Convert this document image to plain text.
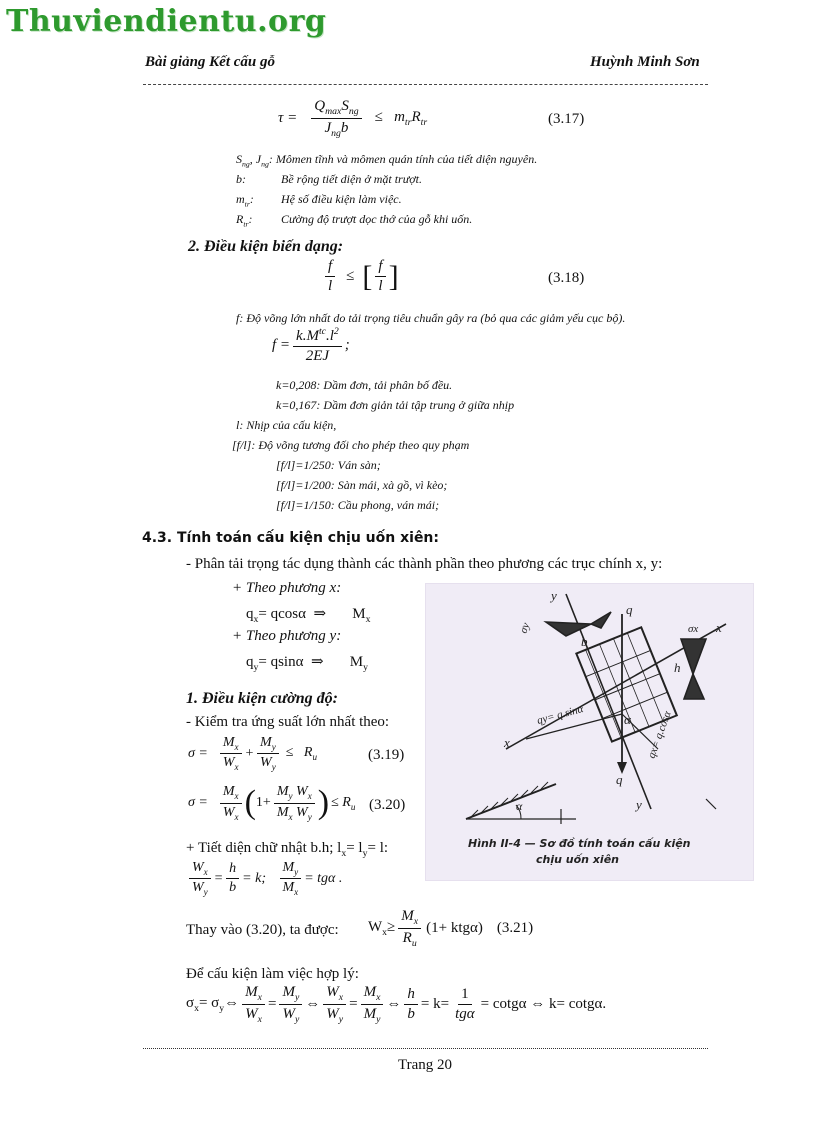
Thuviendientu.org
Bài giảng Kết cấu gỗ	Huỳnh Minh Sơn
$\tau = \frac{Q_{max}S_{ng}}{J_{ng}b} \le m_{tr}R_{tr}$	(3.17)
$S_{ng}$, $J_{ng}$: Mômen tĩnh và mômen quán tính của tiết diện nguyên.
b:	Bề rộng tiết diện ở mặt trượt.
$m_{tr}$: Hệ số điều kiện làm việc.
$R_{tr}$: Cường độ trượt dọc thớ của gỗ khi uốn.
2. Điều kiện biến dạng:
$\frac{f}{l}$ ≤ [ $\frac{f}{l}$ ]	(3.18)
f: Độ võng lớn nhất do tải trọng tiêu chuẩn gây ra (bỏ qua các giảm yếu cục bộ).
$f = \frac{k.M^{tc}.l^2}{2EJ}$ ;
k=0,208: Dầm đơn, tải phân bố đều.
k=0,167: Dầm đơn giản tải tập trung ở giữa nhịp
l: Nhịp của cấu kiện,
[f/l]: Độ võng tương đối cho phép theo quy phạm
[f/l]=1/250: Ván sàn;
[f/l]=1/200: Sàn mái, xà gồ, vì kèo;
[f/l]=1/150: Cầu phong, ván mái;
4.3. Tính toán cấu kiện chịu uốn xiên:
- Phân tải trọng tác dụng thành các thành phần theo phương các trục chính x, y:
+ Theo phương x:
$q_x= qcos\alpha$  ⇒       $M_x$
+ Theo phương y:
$q_y= qsin\alpha$  ⇒       $M_y$
1. Điều kiện cường độ:
- Kiểm tra ứng suất lớn nhất theo:
$\sigma = \frac{M_x}{W_x} + \frac{M_y}{W_y} \le R_u$	(3.19)
$\sigma = \frac{M_x}{W_x}$ ( $1+ \frac{M_y W_x}{M_x W_y}$ ) ≤ $R_u$ (3.20)
+ Tiết diện chữ nhật b.h; $l_x= l_y= l$:
$\frac{W_x}{W_y} = \frac{h}{b} = k$; $\frac{M_y}{M_x} = tg\alpha$ .
Thay vào (3.20), ta được: $W_x\ge \frac{M_x}{R_u} (1+ ktg\alpha)$ (3.21)
Để cấu kiện làm việc hợp lý:
$\sigma_x=$ $\sigma_y\Leftrightarrow \frac{M_x}{W_x} = \frac{M_y}{W_y}$ ⇔ $\frac{W_x}{W_y} = \frac{M_x}{M_y}$ ⇔ $\frac{h}{b} = k= \frac{1}{\text{tgα}} = \cot g\alpha$ ⇔ k= cotgα.
y
x
x
q
b
h
α
q
qy= q.sinα	qx= q.cosα
σx
σy
α	y
Hình II-4 — Sơ đồ tính toán cấu kiện
chịu uốn xiên
Trang 20
